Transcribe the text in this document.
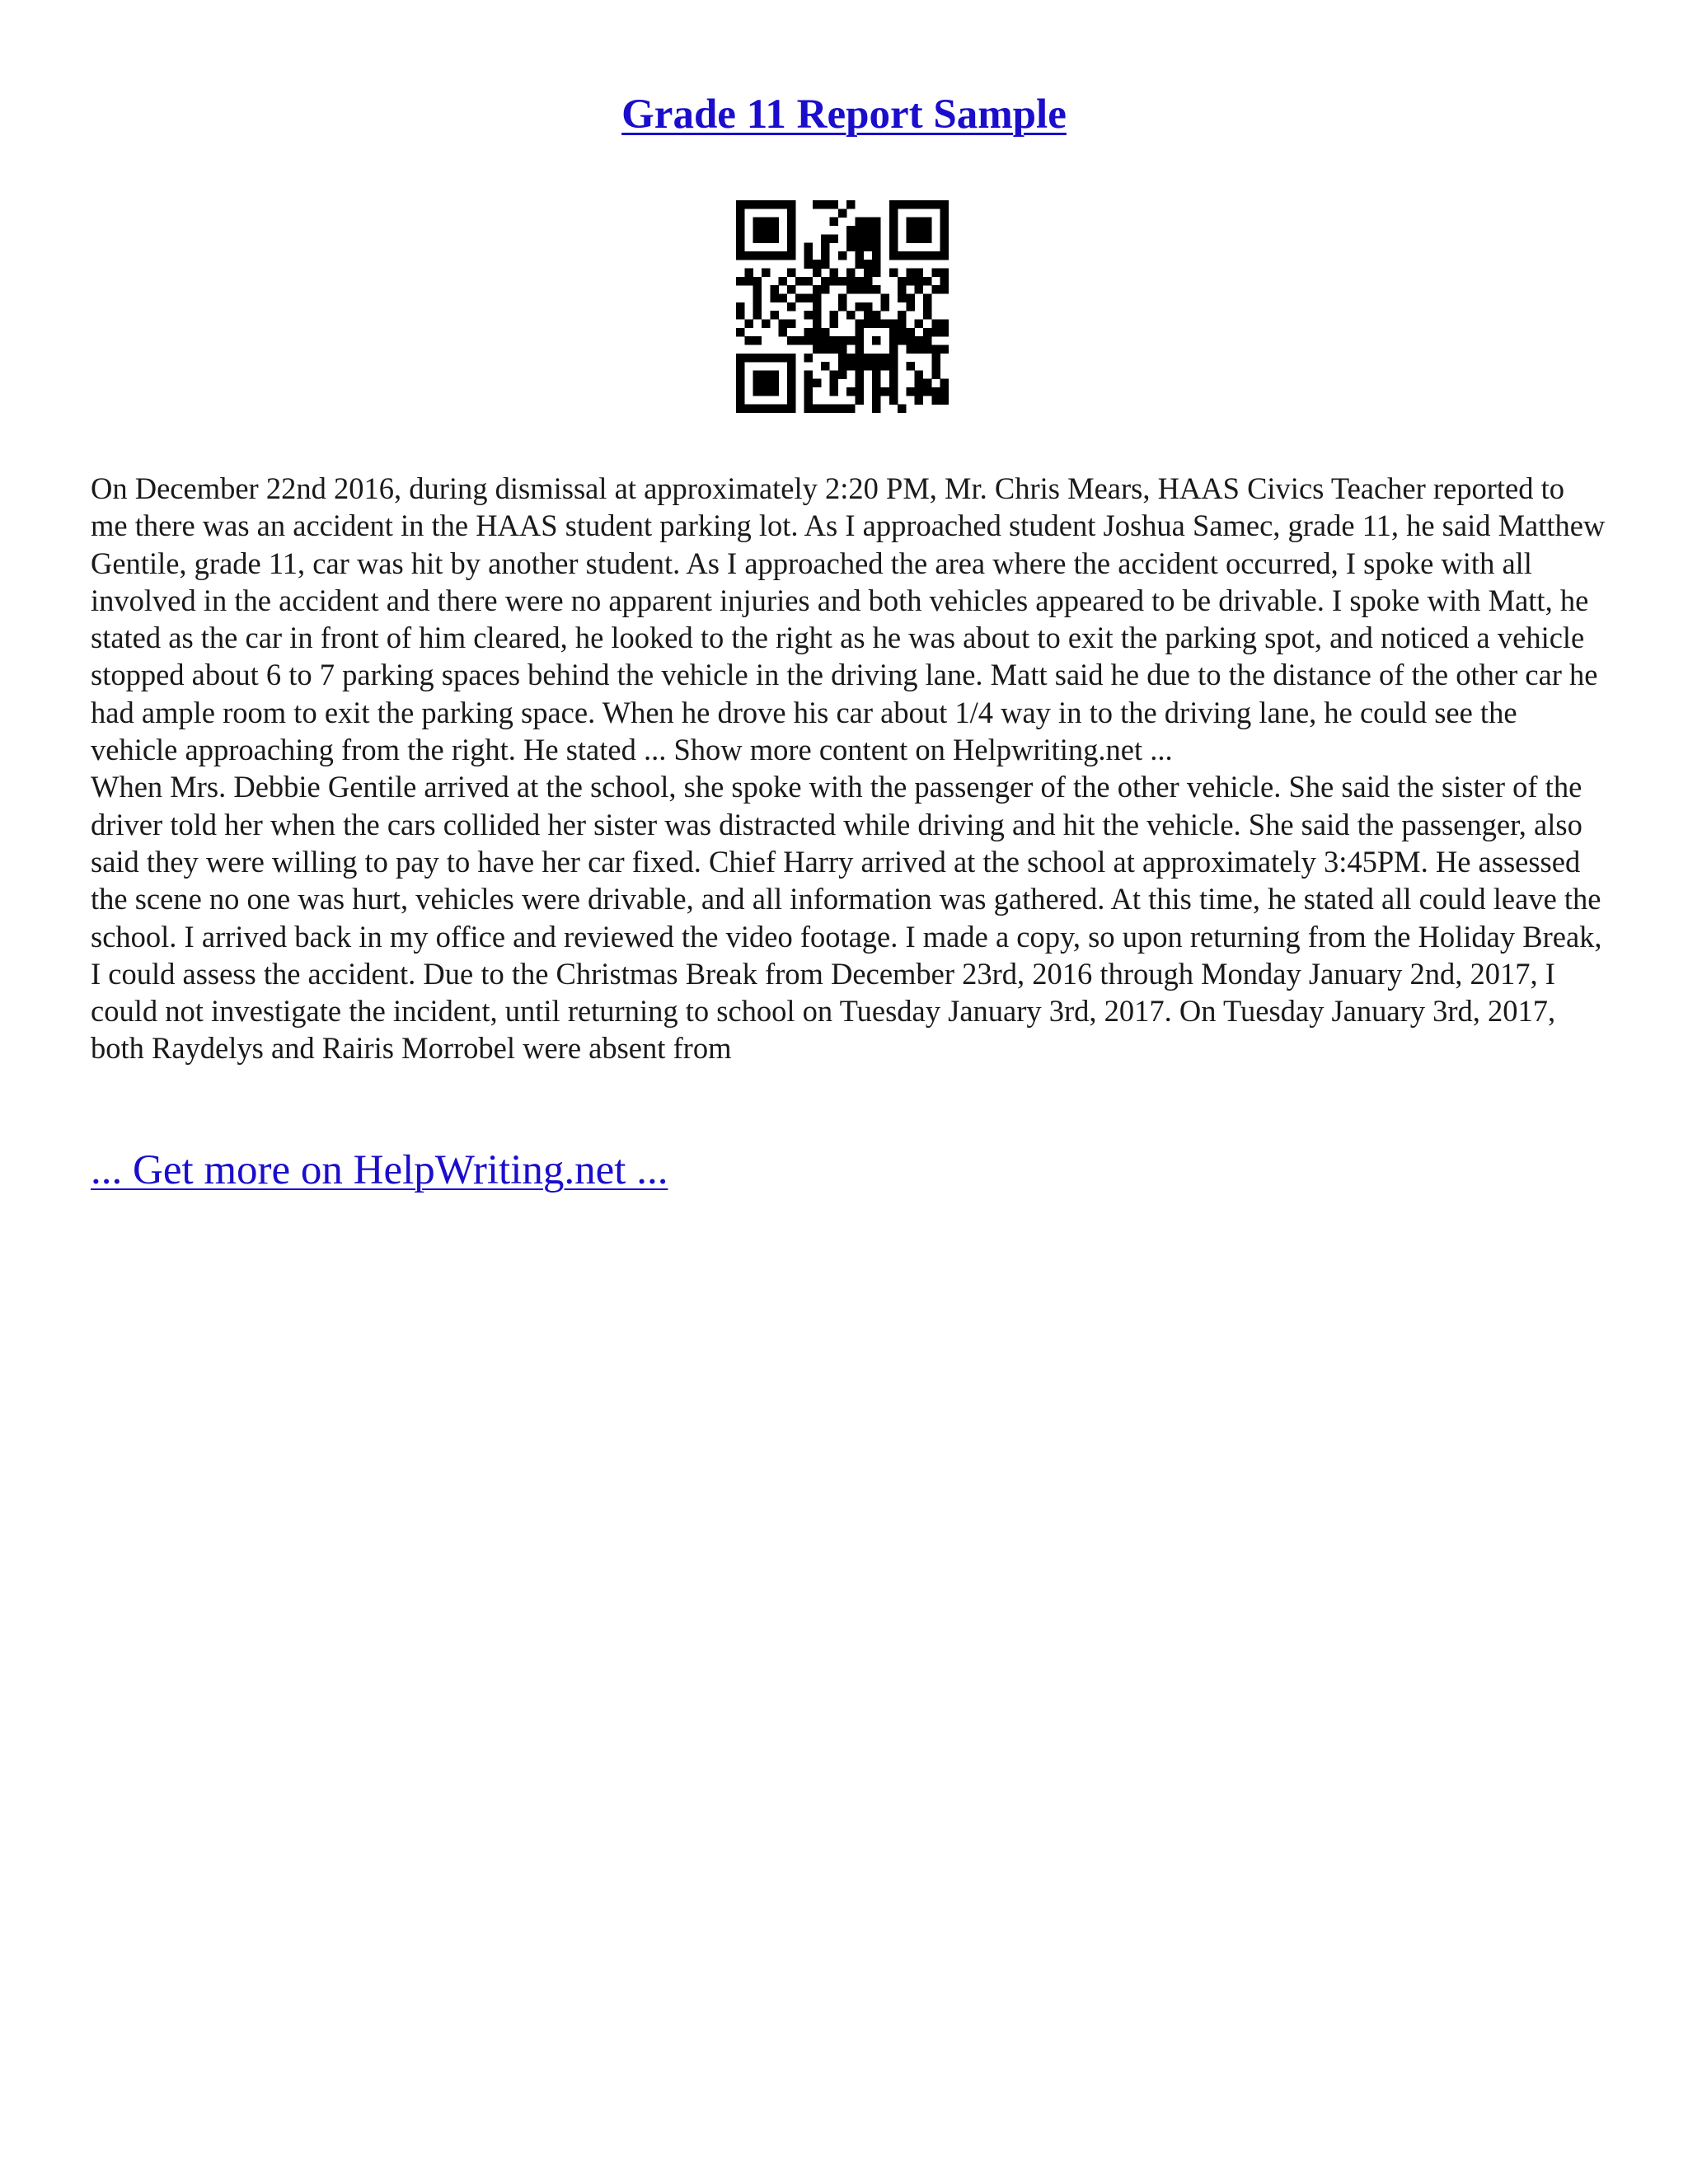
Grade 11 Report Sample

On December 22nd 2016, during dismissal at approximately 2:20 PM, Mr. Chris Mears, HAAS Civics Teacher reported to me there was an accident in the HAAS student parking lot. As I approached student Joshua Samec, grade 11, he said Matthew Gentile, grade 11, car was hit by another student. As I approached the area where the accident occurred, I spoke with all involved in the accident and there were no apparent injuries and both vehicles appeared to be drivable. I spoke with Matt, he stated as the car in front of him cleared, he looked to the right as he was about to exit the parking spot, and noticed a vehicle stopped about 6 to 7 parking spaces behind the vehicle in the driving lane. Matt said he due to the distance of the other car he had ample room to exit the parking space. When he drove his car about 1/4 way in to the driving lane, he could see the vehicle approaching from the right. He stated ... Show more content on Helpwriting.net ...

When Mrs. Debbie Gentile arrived at the school, she spoke with the passenger of the other vehicle. She said the sister of the driver told her when the cars collided her sister was distracted while driving and hit the vehicle. She said the passenger, also said they were willing to pay to have her car fixed. Chief Harry arrived at the school at approximately 3:45PM. He assessed the scene no one was hurt, vehicles were drivable, and all information was gathered. At this time, he stated all could leave the school. I arrived back in my office and reviewed the video footage. I made a copy, so upon returning from the Holiday Break, I could assess the accident. Due to the Christmas Break from December 23rd, 2016 through Monday January 2nd, 2017, I could not investigate the incident, until returning to school on Tuesday January 3rd, 2017. On Tuesday January 3rd, 2017, both Raydelys and Rairis Morrobel were absent from

... Get more on HelpWriting.net ...
